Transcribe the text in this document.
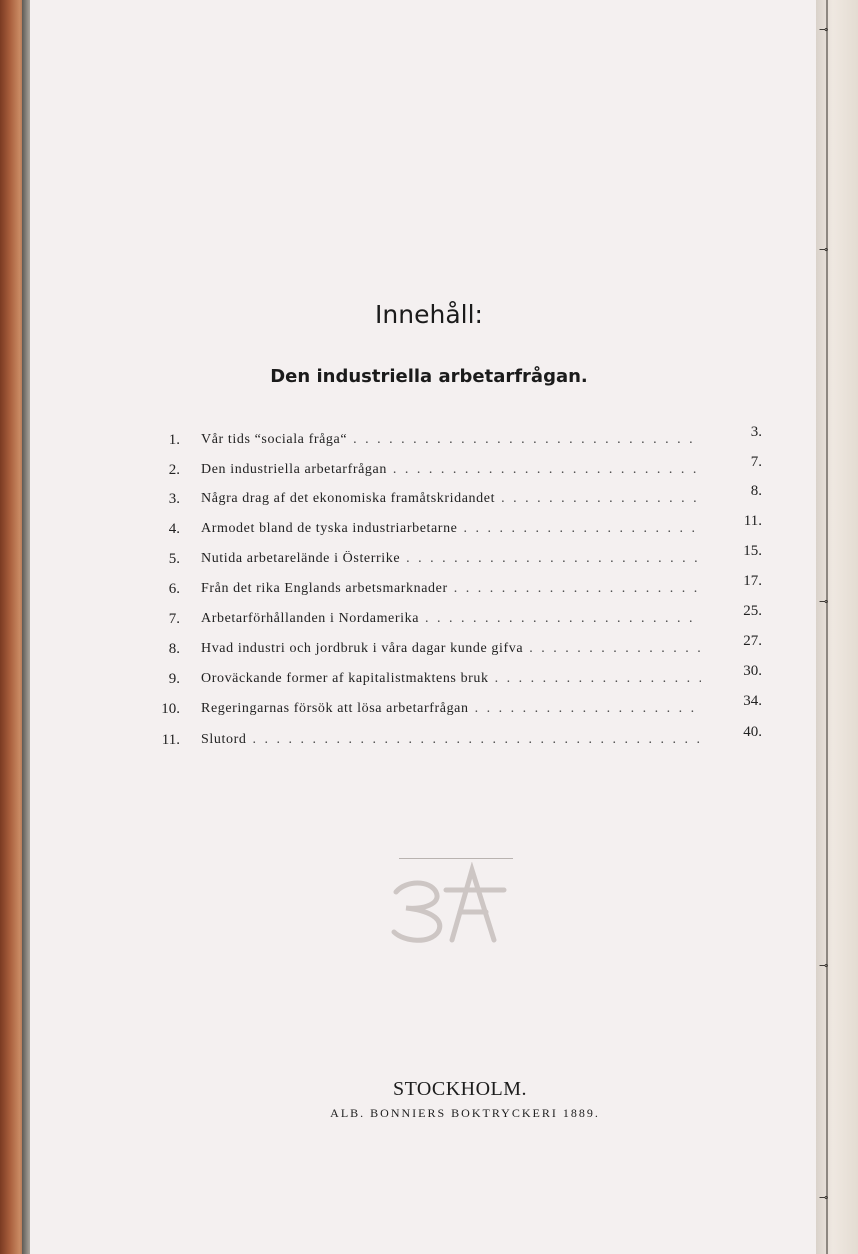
⊸
⊸
⊸
⊸
⊸
Innehåll:
Den industriella arbetarfrågan.
1. Vår tids “sociala fråga“ . . .	3.
2. Den industriella arbetarfrågan . . .	7.
3. Några drag af det ekonomiska framåtskridandet . . .	8.
4. Armodet bland de tyska industriarbetarne . . .	11.
5. Nutida arbetarelände i Österrike . . .	15.
6. Från det rika Englands arbetsmarknader . . .	17.
7. Arbetarförhållanden i Nordamerika . . .	25.
8. Hvad industri och jordbruk i våra dagar kunde gifva . . .	27.
9. Oroväckande former af kapitalistmaktens bruk . . .	30.
10. Regeringarnas försök att lösa arbetarfrågan . . .	34.
11. Slutord . . .	40.
STOCKHOLM.
ALB. BONNIERS BOKTRYCKERI 1889.
